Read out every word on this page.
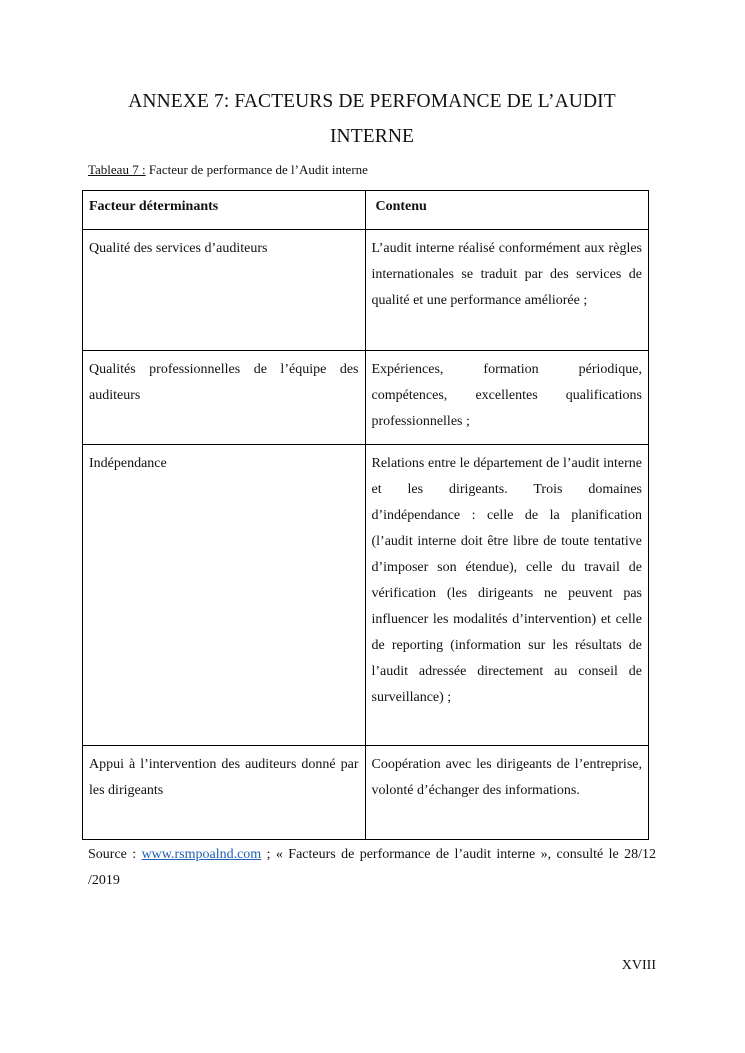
ANNEXE 7: FACTEURS DE PERFOMANCE DE L’AUDIT
INTERNE
Tableau 7 : Facteur de performance de l’Audit interne
Facteur déterminants	Contenu

Qualité des services d’auditeurs	L’audit interne réalisé conformément aux règles internationales se traduit par des services de qualité et une performance améliorée ;

Qualités professionnelles de l’équipe des auditeurs	Expériences, formation périodique, compétences, excellentes qualifications professionnelles ;

Indépendance	Relations entre le département de l’audit interne et les dirigeants. Trois domaines d’indépendance : celle de la planification (l’audit interne doit être libre de toute tentative d’imposer son étendue), celle du travail de vérification (les dirigeants ne peuvent pas influencer les modalités d’intervention) et celle de reporting (information sur les résultats de l’audit adressée directement au conseil de surveillance) ;

Appui à l’intervention des auditeurs donné par les dirigeants	Coopération avec les dirigeants de l’entreprise, volonté d’échanger des informations.
Source : www.rsmpoalnd.com ; « Facteurs de performance de l’audit interne », consulté le 28/12 /2019
XVIII
